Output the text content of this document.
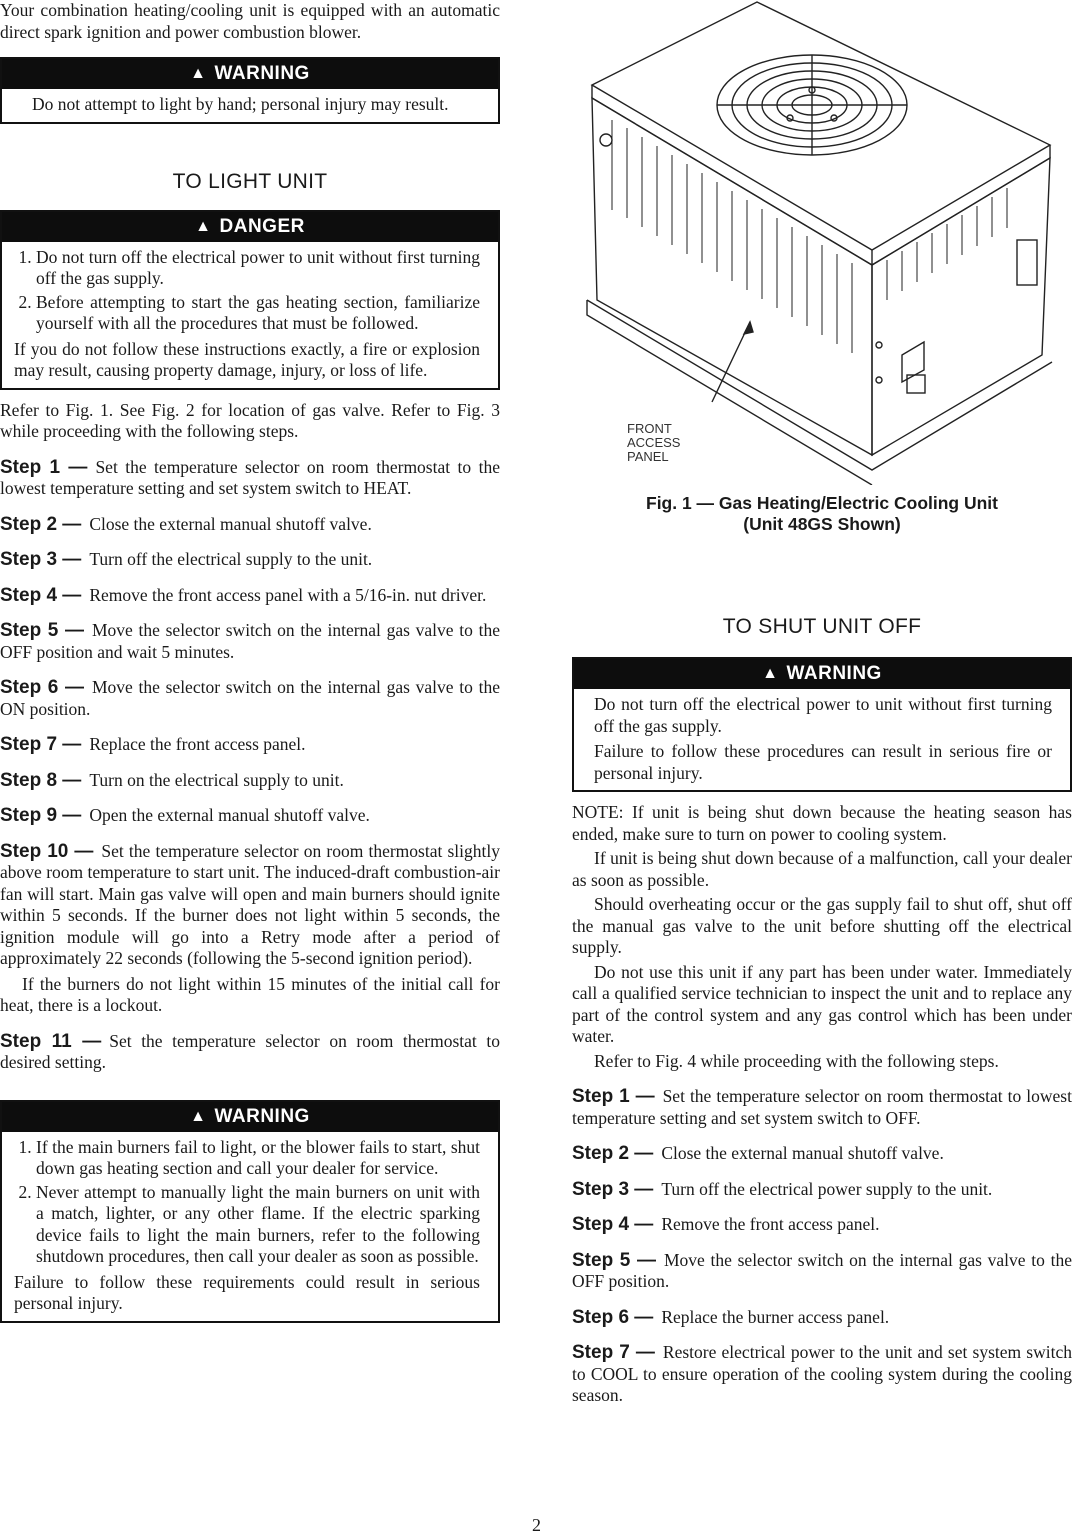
Your combination heating/cooling unit is equipped with an automatic direct spark ignition and power combustion blower.

▲ WARNING

Do not attempt to light by hand; personal injury may result.

TO LIGHT UNIT
▲ DANGER
1. Do not turn off the electrical power to unit without first turning off the gas supply.
2. Before attempting to start the gas heating section, familiarize yourself with all the procedures that must be followed.

If you do not follow these instructions exactly, a fire or explosion may result, causing property damage, injury, or loss of life.

Refer to Fig. 1. See Fig. 2 for location of gas valve. Refer to Fig. 3 while proceeding with the following steps.

Step 1 — Set the temperature selector on room thermostat to the lowest temperature setting and set system switch to HEAT.

Step 2 — Close the external manual shutoff valve.

Step 3 — Turn off the electrical supply to the unit.

Step 4 — Remove the front access panel with a 5/16-in. nut driver.

Step 5 — Move the selector switch on the internal gas valve to the OFF position and wait 5 minutes.

Step 6 — Move the selector switch on the internal gas valve to the ON position.

Step 7 — Replace the front access panel.

Step 8 — Turn on the electrical supply to unit.

Step 9 — Open the external manual shutoff valve.

Step 10 — Set the temperature selector on room thermostat slightly above room temperature to start unit. The induced-draft combustion-air fan will start. Main gas valve will open and main burners should ignite within 5 seconds. If the burner does not light within 5 seconds, the ignition module will go into a Retry mode after a period of approximately 22 seconds (following the 5-second ignition period).

If the burners do not light within 15 minutes of the initial call for heat, there is a lockout.

Step 11 — Set the temperature selector on room thermostat to desired setting.

▲ WARNING
1. If the main burners fail to light, or the blower fails to start, shut down gas heating section and call your dealer for service.
2. Never attempt to manually light the main burners on unit with a match, lighter, or any other flame. If the electric sparking device fails to light the main burners, refer to the following shutdown procedures, then call your dealer as soon as possible.

Failure to follow these requirements could result in serious personal injury.

FRONT ACCESS PANEL
Fig. 1 — Gas Heating/Electric Cooling Unit
(Unit 48GS Shown)
TO SHUT UNIT OFF
▲ WARNING

Do not turn off the electrical power to unit without first turning off the gas supply.

Failure to follow these procedures can result in serious fire or personal injury.

NOTE: If unit is being shut down because the heating season has ended, make sure to turn on power to cooling system.

If unit is being shut down because of a malfunction, call your dealer as soon as possible.

Should overheating occur or the gas supply fail to shut off, shut off the manual gas valve to the unit before shutting off the electrical supply.

Do not use this unit if any part has been under water. Immediately call a qualified service technician to inspect the unit and to replace any part of the control system and any gas control which has been under water.

Refer to Fig. 4 while proceeding with the following steps.

Step 1 — Set the temperature selector on room thermostat to lowest temperature setting and set system switch to OFF.

Step 2 — Close the external manual shutoff valve.

Step 3 — Turn off the electrical power supply to the unit.

Step 4 — Remove the front access panel.

Step 5 — Move the selector switch on the internal gas valve to the OFF position.

Step 6 — Replace the burner access panel.

Step 7 — Restore electrical power to the unit and set system switch to COOL to ensure operation of the cooling system during the cooling season.

2
